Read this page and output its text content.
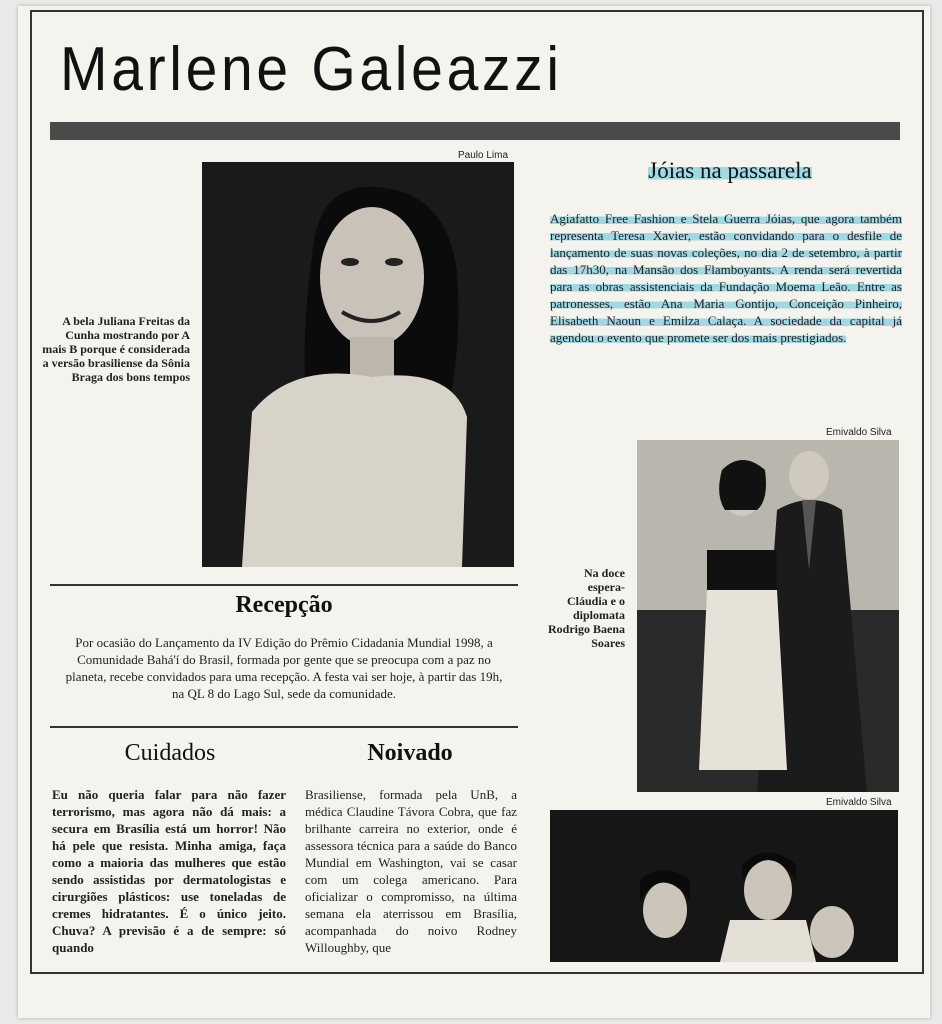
Marlene Galeazzi
Paulo Lima
A bela Juliana Freitas da Cunha mostrando por A mais B porque é considerada a versão brasiliense da Sônia Braga dos bons tempos
Jóias na passarela
Agiafatto Free Fashion e Stela Guerra Jóias, que agora também representa Teresa Xavier, estão convidando para o desfile de lançamento de suas novas coleções, no dia 2 de setembro, à partir das 17h30, na Mansão dos Flamboyants. A renda será revertida para as obras assistenciais da Fundação Moema Leão. Entre as patronesses, estão Ana Maria Gontijo, Conceição Pinheiro, Elisabeth Naoun e Emilza Calaça. A sociedade da capital já agendou o evento que promete ser dos mais prestigiados.
Emivaldo Silva
Na doce espera- Cláudia e o diplomata Rodrigo Baena Soares
Recepção
Por ocasião do Lançamento da IV Edição do Prêmio Cidadania Mundial 1998, a Comunidade Bahá'í do Brasil, formada por gente que se preocupa com a paz no planeta, recebe convidados para uma recepção. A festa vai ser hoje, à partir das 19h, na QL 8 do Lago Sul, sede da comunidade.
Cuidados
Eu não queria falar para não fazer terrorismo, mas agora não dá mais: a secura em Brasília está um horror! Não há pele que resista. Minha amiga, faça como a maioria das mulheres que estão sendo assistidas por dermatologistas e cirurgiões plásticos: use toneladas de cremes hidratantes. É o único jeito. Chuva? A previsão é a de sempre: só quando
Noivado
Brasiliense, formada pela UnB, a médica Claudine Távora Cobra, que faz brilhante carreira no exterior, onde é assessora técnica para a saúde do Banco Mundial em Washington, vai se casar com um colega americano. Para oficializar o compromisso, na última semana ela aterrissou em Brasília, acompanhada do noivo Rodney Willoughby, que
Emivaldo Silva
